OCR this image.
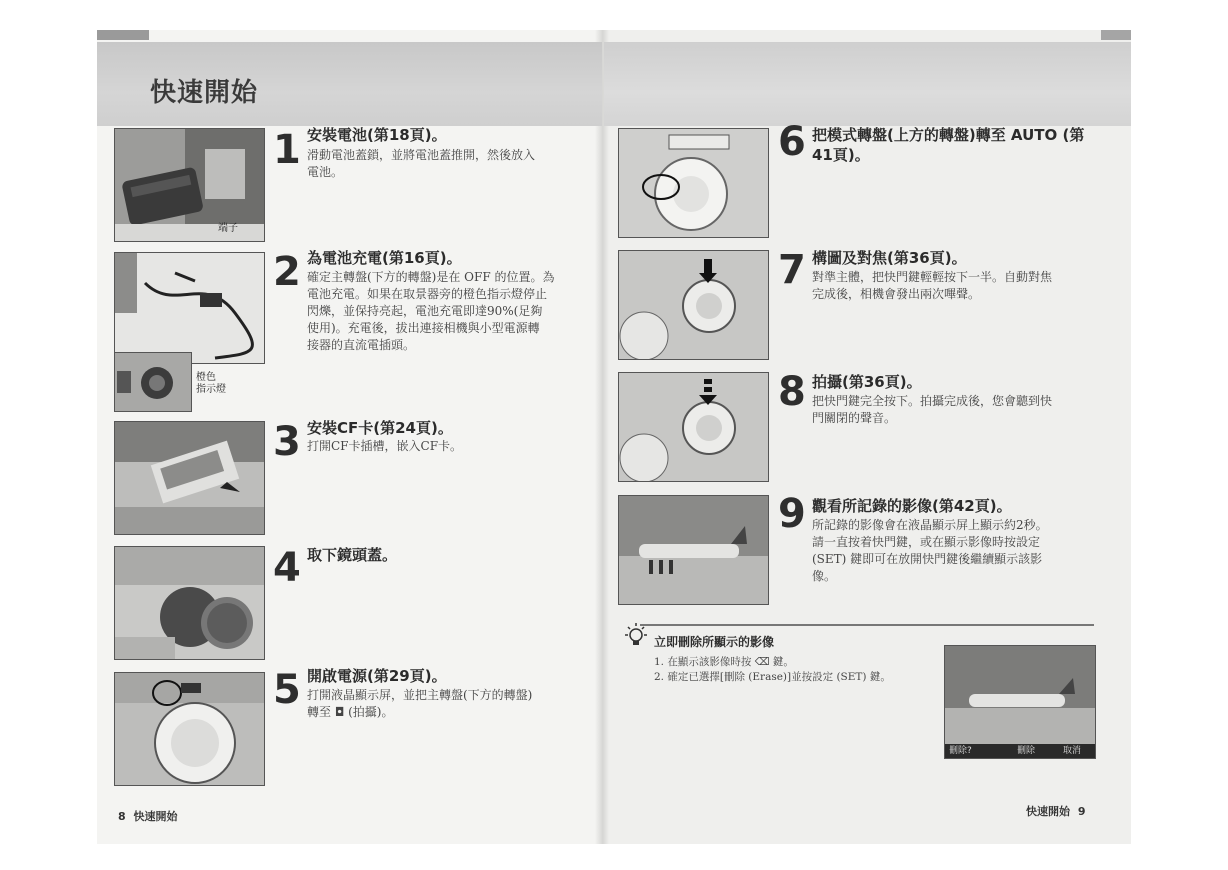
快速開始
端子
橙色
指示燈
1
2
3
4
5
6
7
8
9
安裝電池(第18頁)。
滑動電池蓋鎖，並將電池蓋推開，然後放入
電池。
為電池充電(第16頁)。
確定主轉盤(下方的轉盤)是在 OFF 的位置。為
電池充電。如果在取景器旁的橙色指示燈停止
閃爍，並保持亮起，電池充電即達90%(足夠
使用)。充電後，拔出連接相機與小型電源轉
接器的直流電插頭。
安裝CF卡(第24頁)。
打開CF卡插槽，嵌入CF卡。
取下鏡頭蓋。
開啟電源(第29頁)。
打開液晶顯示屏，並把主轉盤(下方的轉盤)
轉至 ◘ (拍攝)。
把模式轉盤(上方的轉盤)轉至 AUTO (第
41頁)。
構圖及對焦(第36頁)。
對準主體，把快門鍵輕輕按下一半。自動對焦
完成後，相機會發出兩次嗶聲。
拍攝(第36頁)。
把快門鍵完全按下。拍攝完成後，您會聽到快
門關閉的聲音。
觀看所記錄的影像(第42頁)。
所記錄的影像會在液晶顯示屏上顯示約2秒。
請一直按着快門鍵，或在顯示影像時按設定
(SET) 鍵即可在放開快門鍵後繼續顯示該影
像。
立即刪除所顯示的影像
1. 在顯示該影像時按 ⌫ 鍵。
2. 確定已選擇[刪除 (Erase)]並按設定 (SET) 鍵。
刪除?	刪除	取消
8 快速開始	快速開始 9
